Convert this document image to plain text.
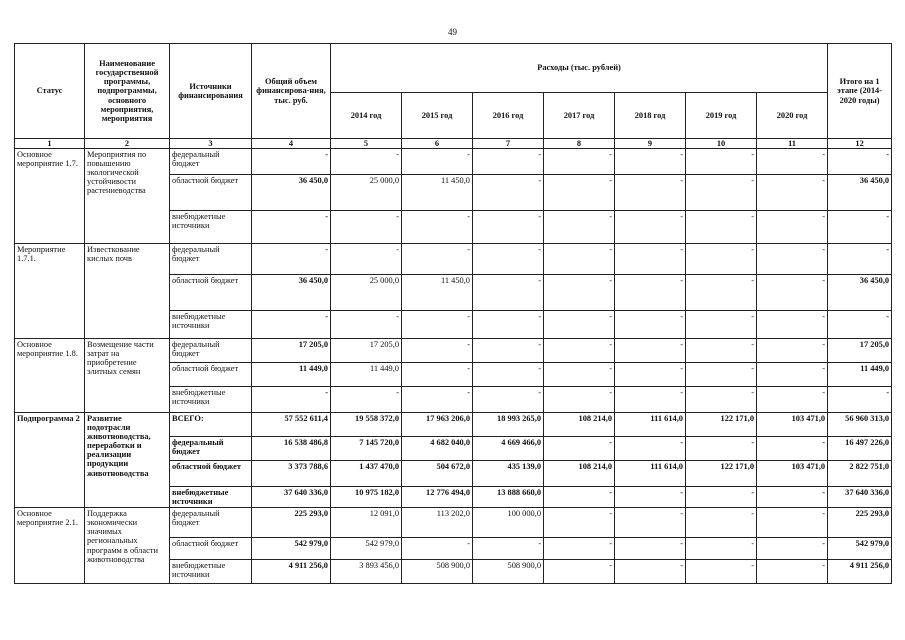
49
Статус	Наименование государственной программы, подпрограммы, основного мероприятия, мероприятия	Источники финансирования	Общий объем финансирова-ния, тыс. руб.	Расходы (тыс. рублей)							Итого на 1 этапе (2014-2020 годы)
				2014 год	2015 год	2016 год	2017 год	2018 год	2019 год	2020 год	
1	2	3	4	5	6	7	8	9	10	11	12
Основное мероприятие 1.7.	Мероприятия по повышению экологической устойчивости растениеводства	федеральный бюджет	-	-	-	-	-	-	-	-	-
		областной бюджет	36 450,0	25 000,0	11 450,0	-	-	-	-	-	36 450,0
		внебюджетные источники	-	-	-	-	-	-	-	-	-
Мероприятие 1.7.1.	Известкование кислых почв	федеральный бюджет	-	-	-	-	-	-	-	-	-
		областной бюджет	36 450,0	25 000,0	11 450,0	-	-	-	-	-	36 450,0
		внебюджетные источники	-	-	-	-	-	-	-	-	-
Основное мероприятие 1.8.	Возмещение части затрат на приобретение элитных семян	федеральный бюджет	17 205,0	17 205,0	-	-	-	-	-	-	17 205,0
		областной бюджет	11 449,0	11 449,0	-	-	-	-	-	-	11 449,0
		внебюджетные источники	-	-	-	-	-	-	-	-	-
Подпрограмма 2	Развитие подотрасли животноводства, переработки и реализации продукции животноводства	ВСЕГО:	57 552 611,4	19 558 372,0	17 963 206,0	18 993 265,0	108 214,0	111 614,0	122 171,0	103 471,0	56 960 313,0
		федеральный бюджет	16 538 486,8	7 145 720,0	4 682 040,0	4 669 466,0	-	-	-	-	16 497 226,0
		областной бюджет	3 373 788,6	1 437 470,0	504 672,0	435 139,0	108 214,0	111 614,0	122 171,0	103 471,0	2 822 751,0
		внебюджетные источники	37 640 336,0	10 975 182,0	12 776 494,0	13 888 660,0	-	-	-	-	37 640 336,0
Основное мероприятие 2.1.	Поддержка экономически значимых региональных программ в области животноводства	федеральный бюджет	225 293,0	12 091,0	113 202,0	100 000,0	-	-	-	-	225 293,0
		областной бюджет	542 979,0	542 979,0	-	-	-	-	-	-	542 979,0
		внебюджетные источники	4 911 256,0	3 893 456,0	508 900,0	508 900,0	-	-	-	-	4 911 256,0
